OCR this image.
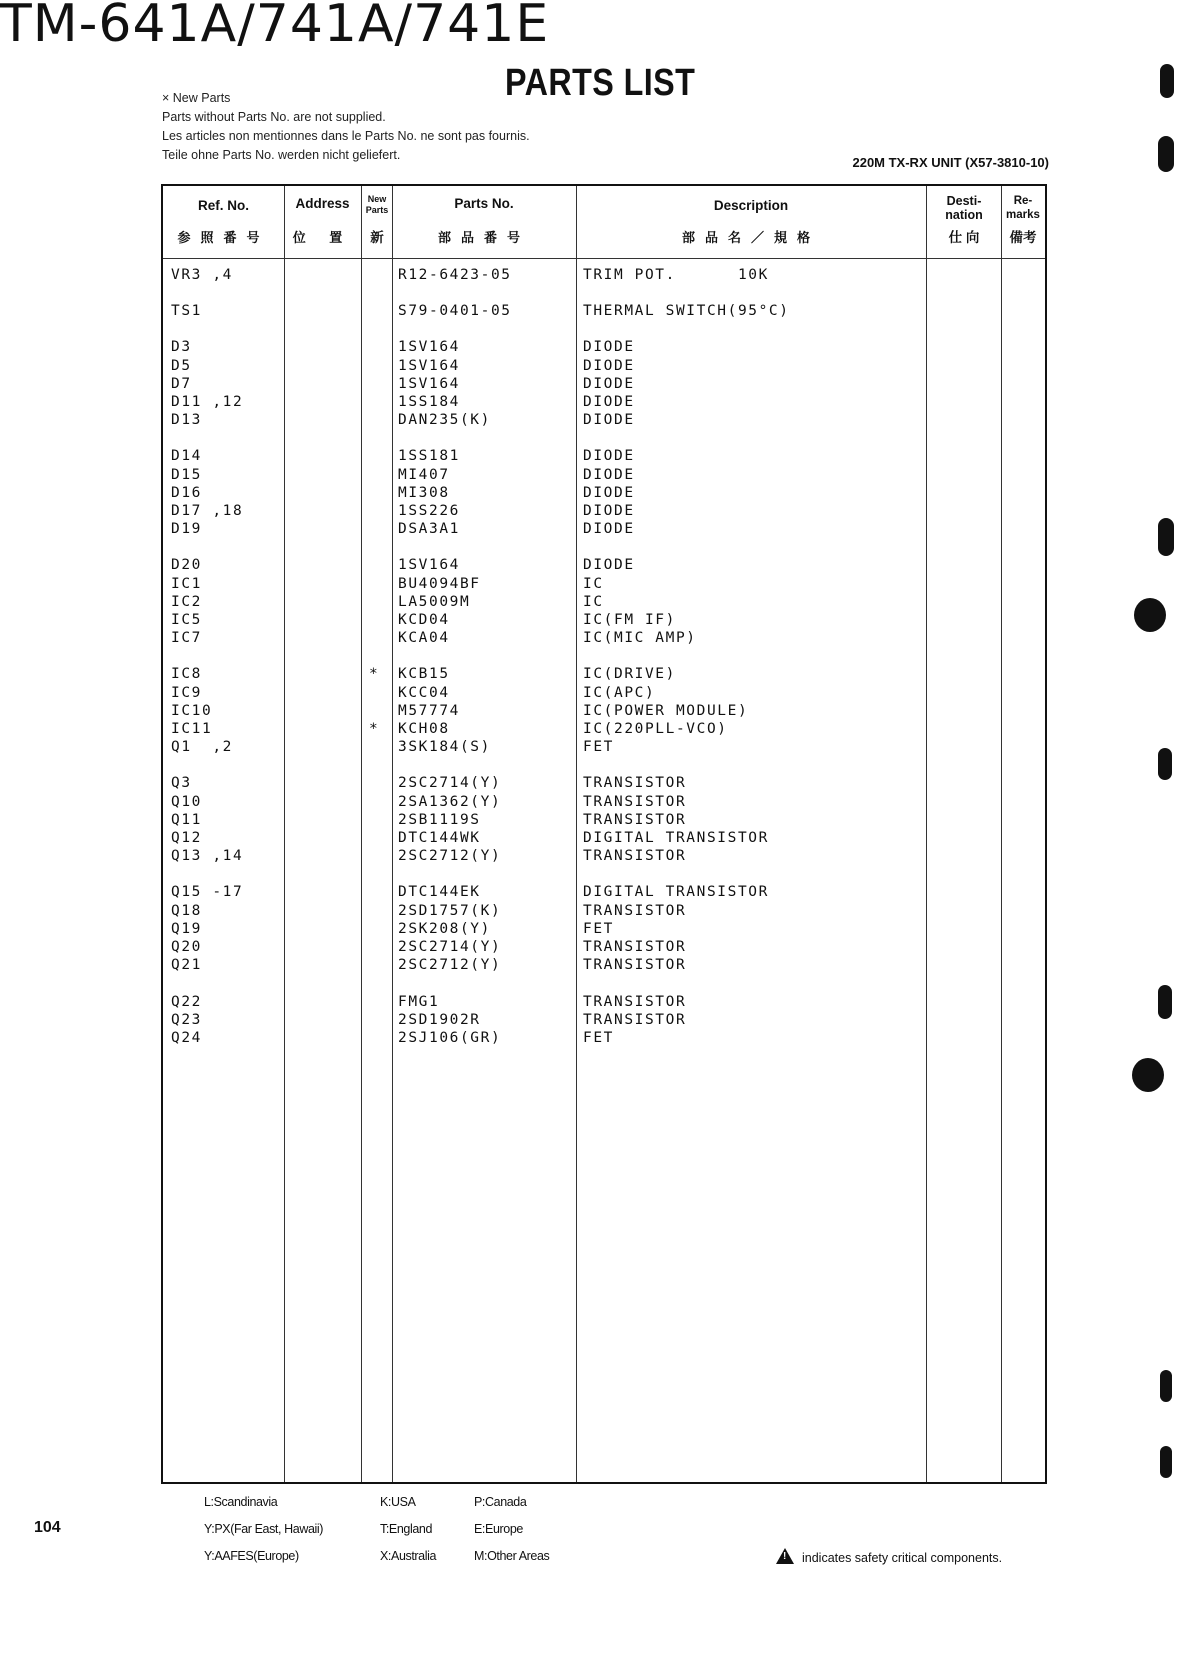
TM-641A/741A/741E
× New Parts
Parts without Parts No. are not supplied.
Les articles non mentionnes dans le Parts No. ne sont pas fournis.
Teile ohne Parts No. werden nicht geliefert.
PARTS LIST
220M TX-RX UNIT (X57-3810-10)
Ref. No.
参照番号
Address
位 置
New Parts
新
Parts No.
部品番号
Description
部品名／規格
Desti-nation
仕 向
Re-marks
備考
VR3 ,4
TS1
D3
D5
D7
D11 ,12
D13
D14
D15
D16
D17 ,18
D19
D20
IC1
IC2
IC5
IC7
IC8
IC9
IC10
IC11
Q1  ,2
Q3
Q10
Q11
Q12
Q13 ,14
Q15 -17
Q18
Q19
Q20
Q21
Q22
Q23
Q24
R12-6423-05
S79-0401-05
1SV164
1SV164
1SV164
1SS184
DAN235(K)
1SS181
MI407
MI308
1SS226
DSA3A1
1SV164
BU4094BF
LA5009M
KCD04
KCA04
KCB15
KCC04
M57774
KCH08
3SK184(S)
2SC2714(Y)
2SA1362(Y)
2SB1119S
DTC144WK
2SC2712(Y)
DTC144EK
2SD1757(K)
2SK208(Y)
2SC2714(Y)
2SC2712(Y)
FMG1
2SD1902R
2SJ106(GR)
TRIM POT.      10K
THERMAL SWITCH(95°C)
DIODE
DIODE
DIODE
DIODE
DIODE
DIODE
DIODE
DIODE
DIODE
DIODE
DIODE
IC
IC
IC(FM IF)
IC(MIC AMP)
IC(DRIVE)
IC(APC)
IC(POWER MODULE)
IC(220PLL-VCO)
FET
TRANSISTOR
TRANSISTOR
TRANSISTOR
DIGITAL TRANSISTOR
TRANSISTOR
DIGITAL TRANSISTOR
TRANSISTOR
FET
TRANSISTOR
TRANSISTOR
TRANSISTOR
TRANSISTOR
FET

*

*

L:Scandinavia
Y:PX(Far East, Hawaii)
Y:AAFES(Europe)
K:USA
T:England
X:Australia
P:Canada
E:Europe
M:Other Areas
104
!indicates safety critical components.
